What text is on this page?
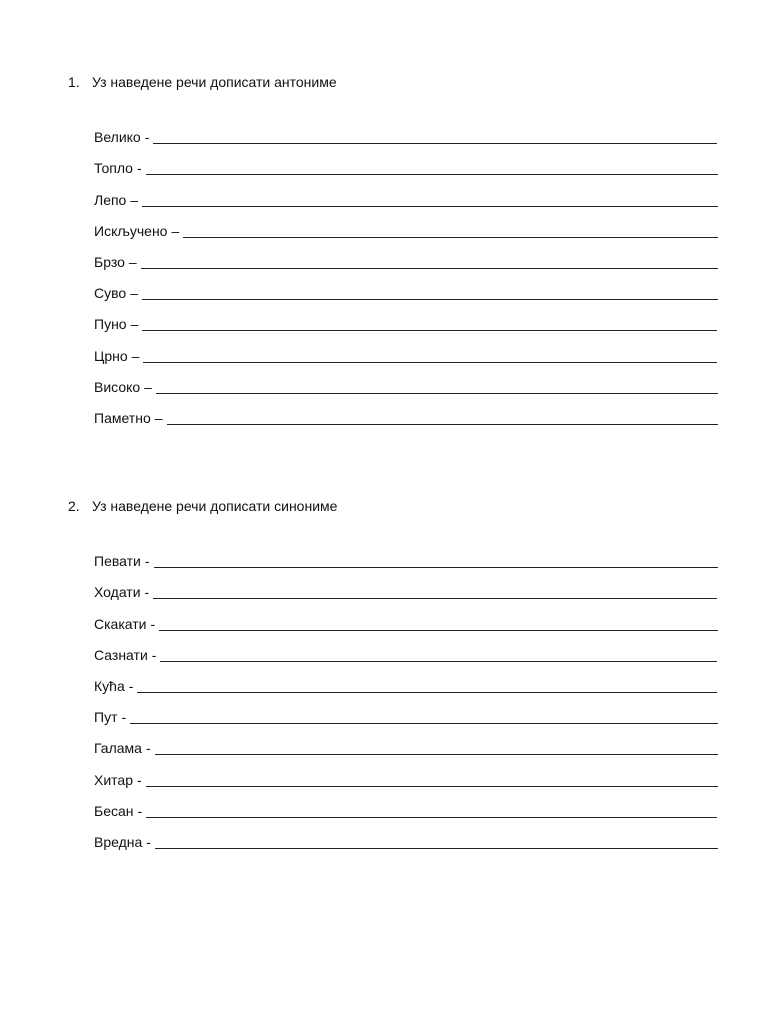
1. Уз наведене речи дописати антониме
Велико -
Топло -
Лепо –
Искључено –
Брзо –
Суво –
Пуно –
Црно –
Високо –
Паметно –
2. Уз наведене речи дописати синониме
Певати -
Ходати -
Скакати -
Сазнати -
Кућа -
Пут -
Галама -
Хитар -
Бесан -
Вредна -
